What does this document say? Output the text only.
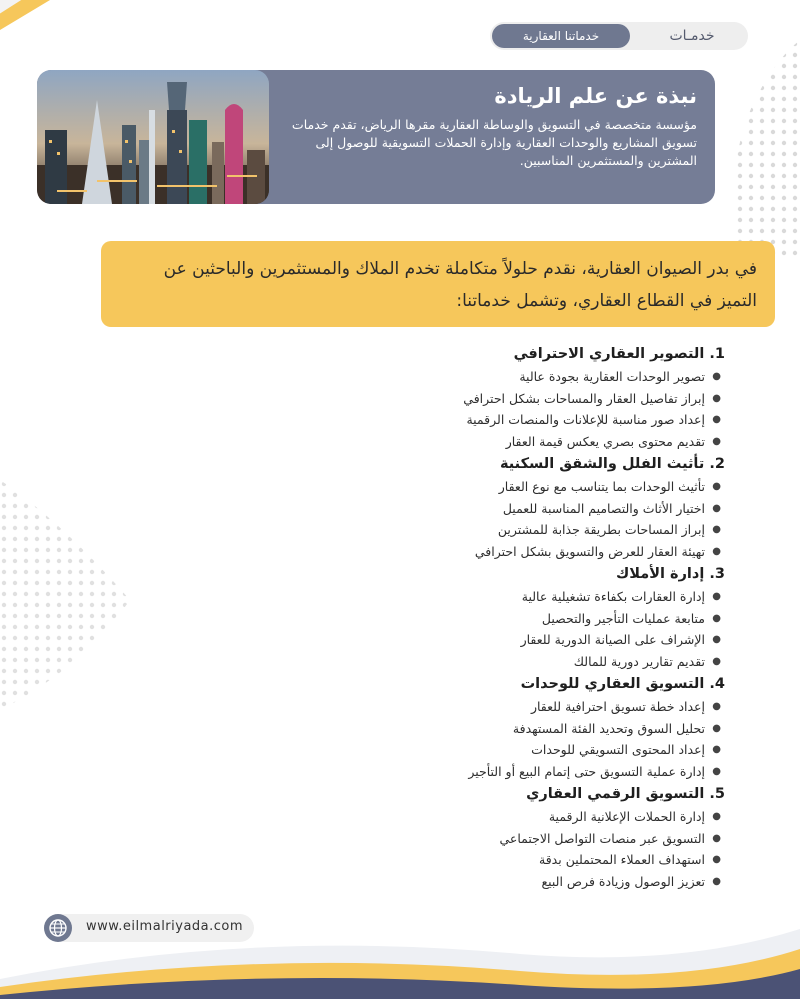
خدمـات
خدماتنا العقارية
نبذة عن علم الريادة

مؤسسة متخصصة في التسويق والوساطة العقارية مقرها الرياض، تقدم خدمات تسويق المشاريع والوحدات العقارية وإدارة الحملات التسويقية للوصول إلى المشترين والمستثمرين المناسبين.

في بدر الصيوان العقارية، نقدم حلولاً متكاملة تخدم الملاك والمستثمرين والباحثين عن التميز في القطاع العقاري، وتشمل خدماتنا:

1. التصوير العقاري الاحترافي
●
تصوير الوحدات العقارية بجودة عالية
●
إبراز تفاصيل العقار والمساحات بشكل احترافي
●
إعداد صور مناسبة للإعلانات والمنصات الرقمية
●
تقديم محتوى بصري يعكس قيمة العقار
2. تأثيث الفلل والشقق السكنية
●
تأثيث الوحدات بما يتناسب مع نوع العقار
●
اختيار الأثاث والتصاميم المناسبة للعميل
●
إبراز المساحات بطريقة جذابة للمشترين
●
تهيئة العقار للعرض والتسويق بشكل احترافي
3. إدارة الأملاك
●
إدارة العقارات بكفاءة تشغيلية عالية
●
متابعة عمليات التأجير والتحصيل
●
الإشراف على الصيانة الدورية للعقار
●
تقديم تقارير دورية للمالك
4. التسويق العقاري للوحدات
●
إعداد خطة تسويق احترافية للعقار
●
تحليل السوق وتحديد الفئة المستهدفة
●
إعداد المحتوى التسويقي للوحدات
●
إدارة عملية التسويق حتى إتمام البيع أو التأجير
5. التسويق الرقمي العقاري
●
إدارة الحملات الإعلانية الرقمية
●
التسويق عبر منصات التواصل الاجتماعي
●
استهداف العملاء المحتملين بدقة
●
تعزيز الوصول وزيادة فرص البيع
www.eilmalriyada.com
